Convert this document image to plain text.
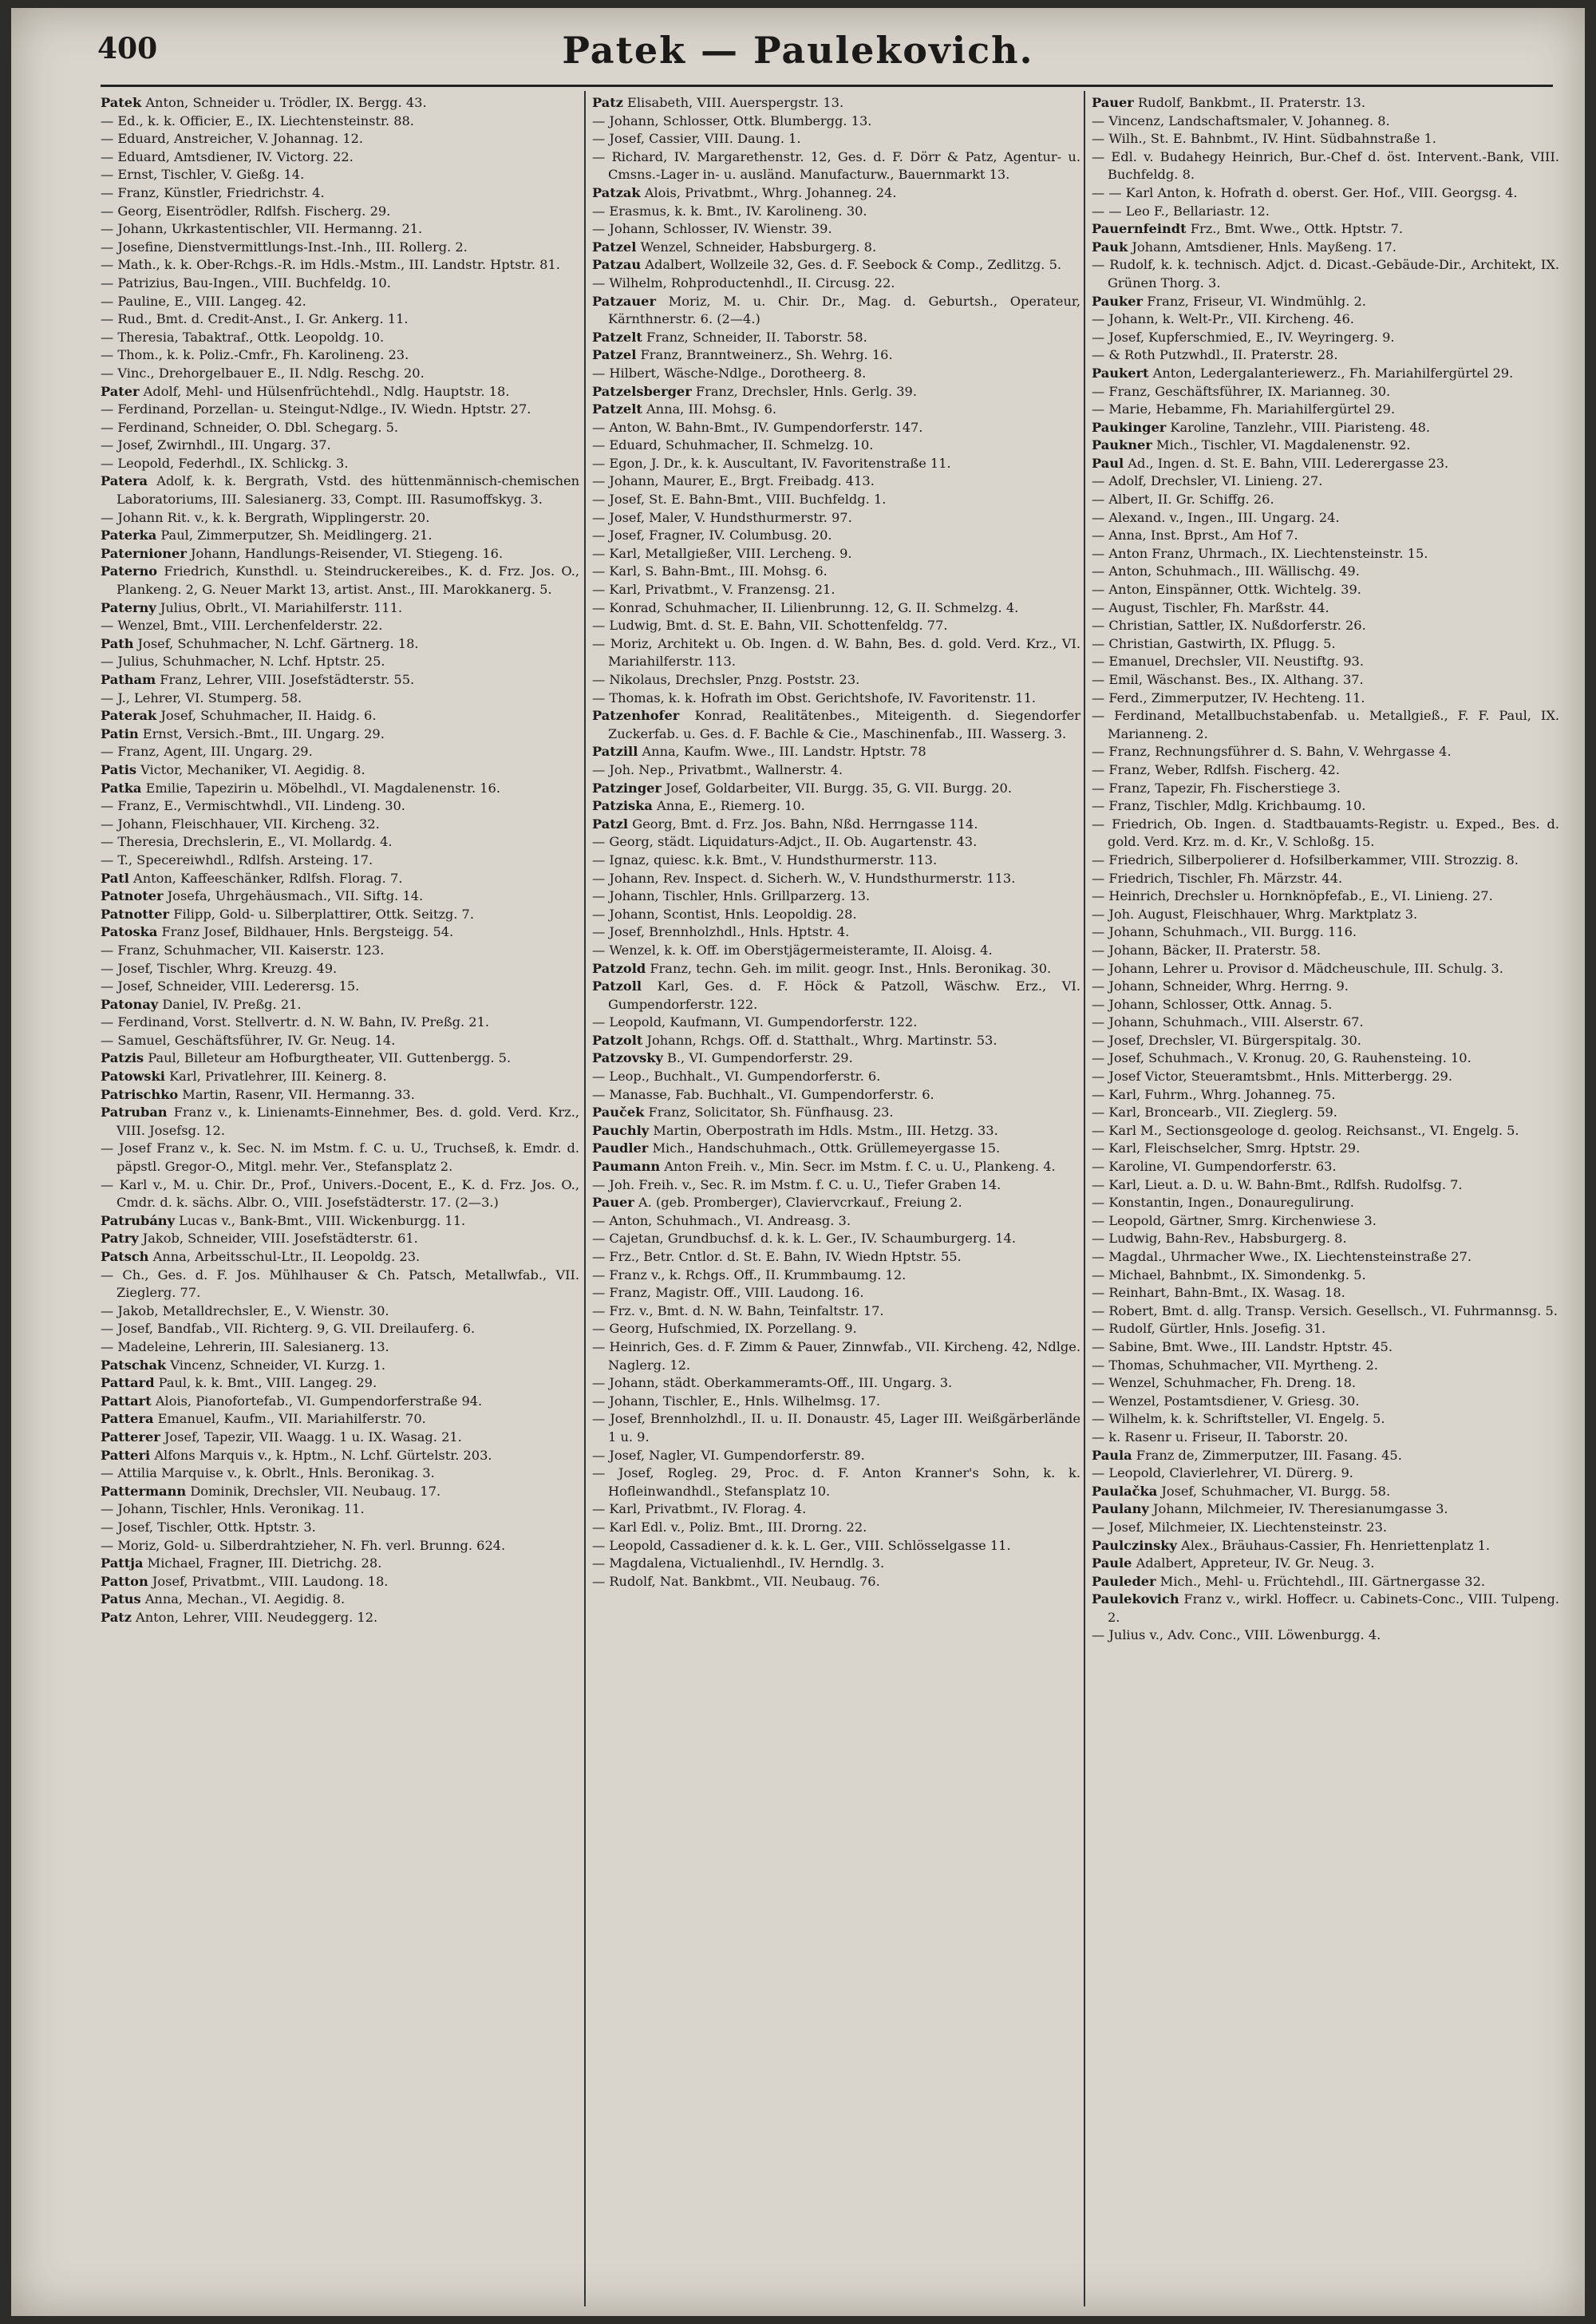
400	Patek — Paulekovich.

Patek Anton, Schneider u. Trödler, IX. Bergg. 43.

— Ed., k. k. Officier, E., IX. Liechtensteinstr. 88.

— Eduard, Anstreicher, V. Johannag. 12.

— Eduard, Amtsdiener, IV. Victorg. 22.

— Ernst, Tischler, V. Gießg. 14.

— Franz, Künstler, Friedrichstr. 4.

— Georg, Eisentrödler, Rdlfsh. Fischerg. 29.

— Johann, Ukrkastentischler, VII. Hermanng. 21.

— Josefine, Dienstvermittlungs-Inst.-Inh., III. Rollerg. 2.

— Math., k. k. Ober-Rchgs.-R. im Hdls.-Mstm., III. Landstr. Hptstr. 81.

— Patrizius, Bau-Ingen., VIII. Buchfeldg. 10.

— Pauline, E., VIII. Langeg. 42.

— Rud., Bmt. d. Credit-Anst., I. Gr. Ankerg. 11.

— Theresia, Tabaktraf., Ottk. Leopoldg. 10.

— Thom., k. k. Poliz.-Cmfr., Fh. Karolineng. 23.

— Vinc., Drehorgelbauer E., II. Ndlg. Reschg. 20.

Pater Adolf, Mehl- und Hülsenfrüchtehdl., Ndlg. Hauptstr. 18.

— Ferdinand, Porzellan- u. Steingut-Ndlge., IV. Wiedn. Hptstr. 27.

— Ferdinand, Schneider, O. Dbl. Schegarg. 5.

— Josef, Zwirnhdl., III. Ungarg. 37.

— Leopold, Federhdl., IX. Schlickg. 3.

Patera Adolf, k. k. Bergrath, Vstd. des hüttenmännisch-chemischen Laboratoriums, III. Salesianerg. 33, Compt. III. Rasumoffskyg. 3.

— Johann Rit. v., k. k. Bergrath, Wipplingerstr. 20.

Paterka Paul, Zimmerputzer, Sh. Meidlingerg. 21.

Paternioner Johann, Handlungs-Reisender, VI. Stiegeng. 16.

Paterno Friedrich, Kunsthdl. u. Steindruckereibes., K. d. Frz. Jos. O., Plankeng. 2, G. Neuer Markt 13, artist. Anst., III. Marokkanerg. 5.

Paterny Julius, Obrlt., VI. Mariahilferstr. 111.

— Wenzel, Bmt., VIII. Lerchenfelderstr. 22.

Path Josef, Schuhmacher, N. Lchf. Gärtnerg. 18.

— Julius, Schuhmacher, N. Lchf. Hptstr. 25.

Patham Franz, Lehrer, VIII. Josefstädterstr. 55.

— J., Lehrer, VI. Stumperg. 58.

Paterak Josef, Schuhmacher, II. Haidg. 6.

Patin Ernst, Versich.-Bmt., III. Ungarg. 29.

— Franz, Agent, III. Ungarg. 29.

Patis Victor, Mechaniker, VI. Aegidig. 8.

Patka Emilie, Tapezirin u. Möbelhdl., VI. Magdalenenstr. 16.

— Franz, E., Vermischtwhdl., VII. Lindeng. 30.

— Johann, Fleischhauer, VII. Kircheng. 32.

— Theresia, Drechslerin, E., VI. Mollardg. 4.

— T., Specereiwhdl., Rdlfsh. Arsteing. 17.

Patl Anton, Kaffeeschänker, Rdlfsh. Florag. 7.

Patnoter Josefa, Uhrgehäusmach., VII. Siftg. 14.

Patnotter Filipp, Gold- u. Silberplattirer, Ottk. Seitzg. 7.

Patoska Franz Josef, Bildhauer, Hnls. Bergsteigg. 54.

— Franz, Schuhmacher, VII. Kaiserstr. 123.

— Josef, Tischler, Whrg. Kreuzg. 49.

— Josef, Schneider, VIII. Lederersg. 15.

Patonay Daniel, IV. Preßg. 21.

— Ferdinand, Vorst. Stellvertr. d. N. W. Bahn, IV. Preßg. 21.

— Samuel, Geschäftsführer, IV. Gr. Neug. 14.

Patzis Paul, Billeteur am Hofburgtheater, VII. Guttenbergg. 5.

Patowski Karl, Privatlehrer, III. Keinerg. 8.

Patrischko Martin, Rasenr, VII. Hermanng. 33.

Patruban Franz v., k. Linienamts-Einnehmer, Bes. d. gold. Verd. Krz., VIII. Josefsg. 12.

— Josef Franz v., k. Sec. N. im Mstm. f. C. u. U., Truchseß, k. Emdr. d. päpstl. Gregor-O., Mitgl. mehr. Ver., Stefansplatz 2.

— Karl v., M. u. Chir. Dr., Prof., Univers.-Docent, E., K. d. Frz. Jos. O., Cmdr. d. k. sächs. Albr. O., VIII. Josefstädterstr. 17. (2—3.)

Patrubány Lucas v., Bank-Bmt., VIII. Wickenburgg. 11.

Patry Jakob, Schneider, VIII. Josefstädterstr. 61.

Patsch Anna, Arbeitsschul-Ltr., II. Leopoldg. 23.

— Ch., Ges. d. F. Jos. Mühlhauser & Ch. Patsch, Metallwfab., VII. Zieglerg. 77.

— Jakob, Metalldrechsler, E., V. Wienstr. 30.

— Josef, Bandfab., VII. Richterg. 9, G. VII. Dreilauferg. 6.

— Madeleine, Lehrerin, III. Salesianerg. 13.

Patschak Vincenz, Schneider, VI. Kurzg. 1.

Pattard Paul, k. k. Bmt., VIII. Langeg. 29.

Pattart Alois, Pianofortefab., VI. Gumpendorferstraße 94.

Pattera Emanuel, Kaufm., VII. Mariahilferstr. 70.

Patterer Josef, Tapezir, VII. Waagg. 1 u. IX. Wasag. 21.

Patteri Alfons Marquis v., k. Hptm., N. Lchf. Gürtelstr. 203.

— Attilia Marquise v., k. Obrlt., Hnls. Beronikag. 3.

Pattermann Dominik, Drechsler, VII. Neubaug. 17.

— Johann, Tischler, Hnls. Veronikag. 11.

— Josef, Tischler, Ottk. Hptstr. 3.

— Moriz, Gold- u. Silberdrahtzieher, N. Fh. verl. Brunng. 624.

Pattja Michael, Fragner, III. Dietrichg. 28.

Patton Josef, Privatbmt., VIII. Laudong. 18.

Patus Anna, Mechan., VI. Aegidig. 8.

Patz Anton, Lehrer, VIII. Neudeggerg. 12.

Patz Elisabeth, VIII. Auerspergstr. 13.

— Johann, Schlosser, Ottk. Blumbergg. 13.

— Josef, Cassier, VIII. Daung. 1.

— Richard, IV. Margarethenstr. 12, Ges. d. F. Dörr & Patz, Agentur- u. Cmsns.-Lager in- u. ausländ. Manufacturw., Bauernmarkt 13.

Patzak Alois, Privatbmt., Whrg. Johanneg. 24.

— Erasmus, k. k. Bmt., IV. Karolineng. 30.

— Johann, Schlosser, IV. Wienstr. 39.

Patzel Wenzel, Schneider, Habsburgerg. 8.

Patzau Adalbert, Wollzeile 32, Ges. d. F. Seebock & Comp., Zedlitzg. 5.

— Wilhelm, Rohproductenhdl., II. Circusg. 22.

Patzauer Moriz, M. u. Chir. Dr., Mag. d. Geburtsh., Operateur, Kärnthnerstr. 6. (2—4.)

Patzelt Franz, Schneider, II. Taborstr. 58.

Patzel Franz, Branntweinerz., Sh. Wehrg. 16.

— Hilbert, Wäsche-Ndlge., Dorotheerg. 8.

Patzelsberger Franz, Drechsler, Hnls. Gerlg. 39.

Patzelt Anna, III. Mohsg. 6.

— Anton, W. Bahn-Bmt., IV. Gumpendorferstr. 147.

— Eduard, Schuhmacher, II. Schmelzg. 10.

— Egon, J. Dr., k. k. Auscultant, IV. Favoritenstraße 11.

— Johann, Maurer, E., Brgt. Freibadg. 413.

— Josef, St. E. Bahn-Bmt., VIII. Buchfeldg. 1.

— Josef, Maler, V. Hundsthurmerstr. 97.

— Josef, Fragner, IV. Columbusg. 20.

— Karl, Metallgießer, VIII. Lercheng. 9.

— Karl, S. Bahn-Bmt., III. Mohsg. 6.

— Karl, Privatbmt., V. Franzensg. 21.

— Konrad, Schuhmacher, II. Lilienbrunng. 12, G. II. Schmelzg. 4.

— Ludwig, Bmt. d. St. E. Bahn, VII. Schottenfeldg. 77.

— Moriz, Architekt u. Ob. Ingen. d. W. Bahn, Bes. d. gold. Verd. Krz., VI. Mariahilferstr. 113.

— Nikolaus, Drechsler, Pnzg. Poststr. 23.

— Thomas, k. k. Hofrath im Obst. Gerichtshofe, IV. Favoritenstr. 11.

Patzenhofer Konrad, Realitätenbes., Miteigenth. d. Siegendorfer Zuckerfab. u. Ges. d. F. Bachle & Cie., Maschinenfab., III. Wasserg. 3.

Patzill Anna, Kaufm. Wwe., III. Landstr. Hptstr. 78

— Joh. Nep., Privatbmt., Wallnerstr. 4.

Patzinger Josef, Goldarbeiter, VII. Burgg. 35, G. VII. Burgg. 20.

Patziska Anna, E., Riemerg. 10.

Patzl Georg, Bmt. d. Frz. Jos. Bahn, Nßd. Herrngasse 114.

— Georg, städt. Liquidaturs-Adjct., II. Ob. Augartenstr. 43.

— Ignaz, quiesc. k.k. Bmt., V. Hundsthurmerstr. 113.

— Johann, Rev. Inspect. d. Sicherh. W., V. Hundsthurmerstr. 113.

— Johann, Tischler, Hnls. Grillparzerg. 13.

— Johann, Scontist, Hnls. Leopoldig. 28.

— Josef, Brennholzhdl., Hnls. Hptstr. 4.

— Wenzel, k. k. Off. im Oberstjägermeisteramte, II. Aloisg. 4.

Patzold Franz, techn. Geh. im milit. geogr. Inst., Hnls. Beronikag. 30.

Patzoll Karl, Ges. d. F. Höck & Patzoll, Wäschw. Erz., VI. Gumpendorferstr. 122.

— Leopold, Kaufmann, VI. Gumpendorferstr. 122.

Patzolt Johann, Rchgs. Off. d. Statthalt., Whrg. Martinstr. 53.

Patzovsky B., VI. Gumpendorferstr. 29.

— Leop., Buchhalt., VI. Gumpendorferstr. 6.

— Manasse, Fab. Buchhalt., VI. Gumpendorferstr. 6.

Pauček Franz, Solicitator, Sh. Fünfhausg. 23.

Pauchly Martin, Oberpostrath im Hdls. Mstm., III. Hetzg. 33.

Paudler Mich., Handschuhmach., Ottk. Grüllemeyergasse 15.

Paumann Anton Freih. v., Min. Secr. im Mstm. f. C. u. U., Plankeng. 4.

— Joh. Freih. v., Sec. R. im Mstm. f. C. u. U., Tiefer Graben 14.

Pauer A. (geb. Promberger), Claviervcrkauf., Freiung 2.

— Anton, Schuhmach., VI. Andreasg. 3.

— Cajetan, Grundbuchsf. d. k. k. L. Ger., IV. Schaumburgerg. 14.

— Frz., Betr. Cntlor. d. St. E. Bahn, IV. Wiedn Hptstr. 55.

— Franz v., k. Rchgs. Off., II. Krummbaumg. 12.

— Franz, Magistr. Off., VIII. Laudong. 16.

— Frz. v., Bmt. d. N. W. Bahn, Teinfaltstr. 17.

— Georg, Hufschmied, IX. Porzellang. 9.

— Heinrich, Ges. d. F. Zimm & Pauer, Zinnwfab., VII. Kircheng. 42, Ndlge. Naglerg. 12.

— Johann, städt. Oberkammeramts-Off., III. Ungarg. 3.

— Johann, Tischler, E., Hnls. Wilhelmsg. 17.

— Josef, Brennholzhdl., II. u. II. Donaustr. 45, Lager III. Weißgärberlände 1 u. 9.

— Josef, Nagler, VI. Gumpendorferstr. 89.

— Josef, Rogleg. 29, Proc. d. F. Anton Kranner's Sohn, k. k. Hofleinwandhdl., Stefansplatz 10.

— Karl, Privatbmt., IV. Florag. 4.

— Karl Edl. v., Poliz. Bmt., III. Drorng. 22.

— Leopold, Cassadiener d. k. k. L. Ger., VIII. Schlösselgasse 11.

— Magdalena, Victualienhdl., IV. Herndlg. 3.

— Rudolf, Nat. Bankbmt., VII. Neubaug. 76.

Pauer Rudolf, Bankbmt., II. Praterstr. 13.

— Vincenz, Landschaftsmaler, V. Johanneg. 8.

— Wilh., St. E. Bahnbmt., IV. Hint. Südbahnstraße 1.

— Edl. v. Budahegy Heinrich, Bur.-Chef d. öst. Intervent.-Bank, VIII. Buchfeldg. 8.

— — Karl Anton, k. Hofrath d. oberst. Ger. Hof., VIII. Georgsg. 4.

— — Leo F., Bellariastr. 12.

Pauernfeindt Frz., Bmt. Wwe., Ottk. Hptstr. 7.

Pauk Johann, Amtsdiener, Hnls. Mayßeng. 17.

— Rudolf, k. k. technisch. Adjct. d. Dicast.-Gebäude-Dir., Architekt, IX. Grünen Thorg. 3.

Pauker Franz, Friseur, VI. Windmühlg. 2.

— Johann, k. Welt-Pr., VII. Kircheng. 46.

— Josef, Kupferschmied, E., IV. Weyringerg. 9.

— & Roth Putzwhdl., II. Praterstr. 28.

Paukert Anton, Ledergalanteriewerz., Fh. Mariahilfergürtel 29.

— Franz, Geschäftsführer, IX. Marianneg. 30.

— Marie, Hebamme, Fh. Mariahilfergürtel 29.

Paukinger Karoline, Tanzlehr., VIII. Piaristeng. 48.

Paukner Mich., Tischler, VI. Magdalenenstr. 92.

Paul Ad., Ingen. d. St. E. Bahn, VIII. Lederergasse 23.

— Adolf, Drechsler, VI. Linieng. 27.

— Albert, II. Gr. Schiffg. 26.

— Alexand. v., Ingen., III. Ungarg. 24.

— Anna, Inst. Bprst., Am Hof 7.

— Anton Franz, Uhrmach., IX. Liechtensteinstr. 15.

— Anton, Schuhmach., III. Wällischg. 49.

— Anton, Einspänner, Ottk. Wichtelg. 39.

— August, Tischler, Fh. Marßstr. 44.

— Christian, Sattler, IX. Nußdorferstr. 26.

— Christian, Gastwirth, IX. Pflugg. 5.

— Emanuel, Drechsler, VII. Neustiftg. 93.

— Emil, Wäschanst. Bes., IX. Althang. 37.

— Ferd., Zimmerputzer, IV. Hechteng. 11.

— Ferdinand, Metallbuchstabenfab. u. Metallgieß., F. F. Paul, IX. Marianneng. 2.

— Franz, Rechnungsführer d. S. Bahn, V. Wehrgasse 4.

— Franz, Weber, Rdlfsh. Fischerg. 42.

— Franz, Tapezir, Fh. Fischerstiege 3.

— Franz, Tischler, Mdlg. Krichbaumg. 10.

— Friedrich, Ob. Ingen. d. Stadtbauamts-Registr. u. Exped., Bes. d. gold. Verd. Krz. m. d. Kr., V. Schloßg. 15.

— Friedrich, Silberpolierer d. Hofsilberkammer, VIII. Strozzig. 8.

— Friedrich, Tischler, Fh. Märzstr. 44.

— Heinrich, Drechsler u. Hornknöpfefab., E., VI. Linieng. 27.

— Joh. August, Fleischhauer, Whrg. Marktplatz 3.

— Johann, Schuhmach., VII. Burgg. 116.

— Johann, Bäcker, II. Praterstr. 58.

— Johann, Lehrer u. Provisor d. Mädcheuschule, III. Schulg. 3.

— Johann, Schneider, Whrg. Herrng. 9.

— Johann, Schlosser, Ottk. Annag. 5.

— Johann, Schuhmach., VIII. Alserstr. 67.

— Josef, Drechsler, VI. Bürgerspitalg. 30.

— Josef, Schuhmach., V. Kronug. 20, G. Rauhensteing. 10.

— Josef Victor, Steueramtsbmt., Hnls. Mitterbergg. 29.

— Karl, Fuhrm., Whrg. Johanneg. 75.

— Karl, Broncearb., VII. Zieglerg. 59.

— Karl M., Sectionsgeologe d. geolog. Reichsanst., VI. Engelg. 5.

— Karl, Fleischselcher, Smrg. Hptstr. 29.

— Karoline, VI. Gumpendorferstr. 63.

— Karl, Lieut. a. D. u. W. Bahn-Bmt., Rdlfsh. Rudolfsg. 7.

— Konstantin, Ingen., Donauregulirung.

— Leopold, Gärtner, Smrg. Kirchenwiese 3.

— Ludwig, Bahn-Rev., Habsburgerg. 8.

— Magdal., Uhrmacher Wwe., IX. Liechtensteinstraße 27.

— Michael, Bahnbmt., IX. Simondenkg. 5.

— Reinhart, Bahn-Bmt., IX. Wasag. 18.

— Robert, Bmt. d. allg. Transp. Versich. Gesellsch., VI. Fuhrmannsg. 5.

— Rudolf, Gürtler, Hnls. Josefig. 31.

— Sabine, Bmt. Wwe., III. Landstr. Hptstr. 45.

— Thomas, Schuhmacher, VII. Myrtheng. 2.

— Wenzel, Schuhmacher, Fh. Dreng. 18.

— Wenzel, Postamtsdiener, V. Griesg. 30.

— Wilhelm, k. k. Schriftsteller, VI. Engelg. 5.

— k. Rasenr u. Friseur, II. Taborstr. 20.

Paula Franz de, Zimmerputzer, III. Fasang. 45.

— Leopold, Clavierlehrer, VI. Dürerg. 9.

Paulačka Josef, Schuhmacher, VI. Burgg. 58.

Paulany Johann, Milchmeier, IV. Theresianumgasse 3.

— Josef, Milchmeier, IX. Liechtensteinstr. 23.

Paulczinsky Alex., Bräuhaus-Cassier, Fh. Henriettenplatz 1.

Paule Adalbert, Appreteur, IV. Gr. Neug. 3.

Pauleder Mich., Mehl- u. Früchtehdl., III. Gärtnergasse 32.

Paulekovich Franz v., wirkl. Hoffecr. u. Cabinets-Conc., VIII. Tulpeng. 2.

— Julius v., Adv. Conc., VIII. Löwenburgg. 4.
